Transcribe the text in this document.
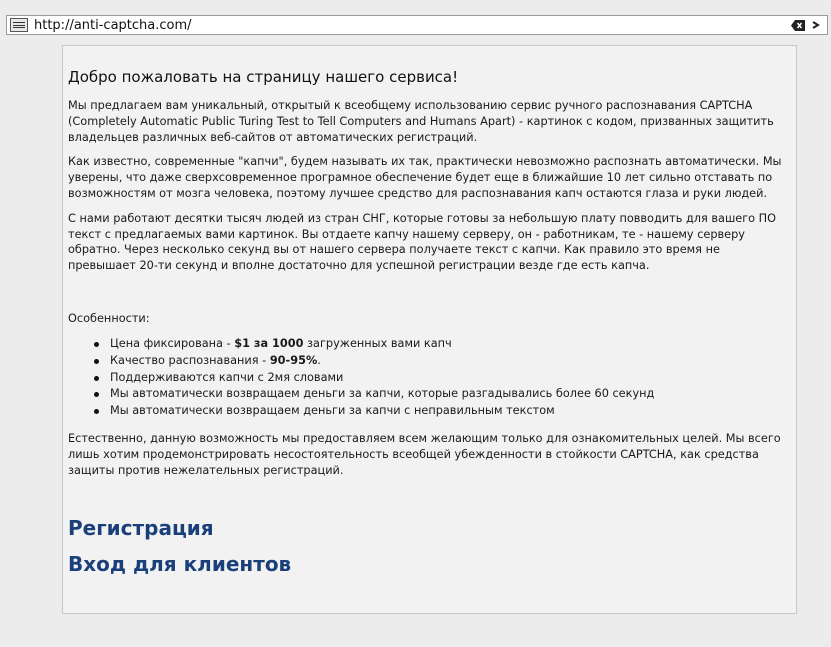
http://anti-captcha.com/
Добро пожаловать на страницу нашего сервиса!

Мы предлагаем вам уникальный, открытый к всеобщему использованию сервис ручного распознавания CAPTCHA (Completely Automatic Public Turing Test to Tell Computers and Humans Apart) - картинок с кодом, призванных защитить владельцев различных веб-сайтов от автоматических регистраций.

Как известно, современные "капчи", будем называть их так, практически невозможно распознать автоматически. Мы уверены, что даже сверхсовременное програмное обеспечение будет еще в ближайшие 10 лет сильно отставать по возможностям от мозга человека, поэтому лучшее средство для распознавания капч остаются глаза и руки людей.

С нами работают десятки тысяч людей из стран СНГ, которые готовы за небольшую плату повводить для вашего ПО текст с предлагаемых вами картинок. Вы отдаете капчу нашему серверу, он - работникам, те - нашему серверу обратно. Через несколько секунд вы от нашего сервера получаете текст с капчи. Как правило это время не превышает 20-ти секунд и вполне достаточно для успешной регистрации везде где есть капча.

Особенности:
Цена фиксирована - $1 за 1000 загруженных вами капч
Качество распознавания - 90-95%.
Поддерживаются капчи с 2мя словами
Мы автоматически возвращаем деньги за капчи, которые разгадывались более 60 секунд
Мы автоматически возвращаем деньги за капчи с неправильным текстом

Естественно, данную возможность мы предоставляем всем желающим только для ознакомительных целей. Мы всего лишь хотим продемонстрировать несостоятельность всеобщей убежденности в стойкости CAPTCHA, как средства защиты против нежелательных регистраций.

Регистрация
Вход для клиентов
